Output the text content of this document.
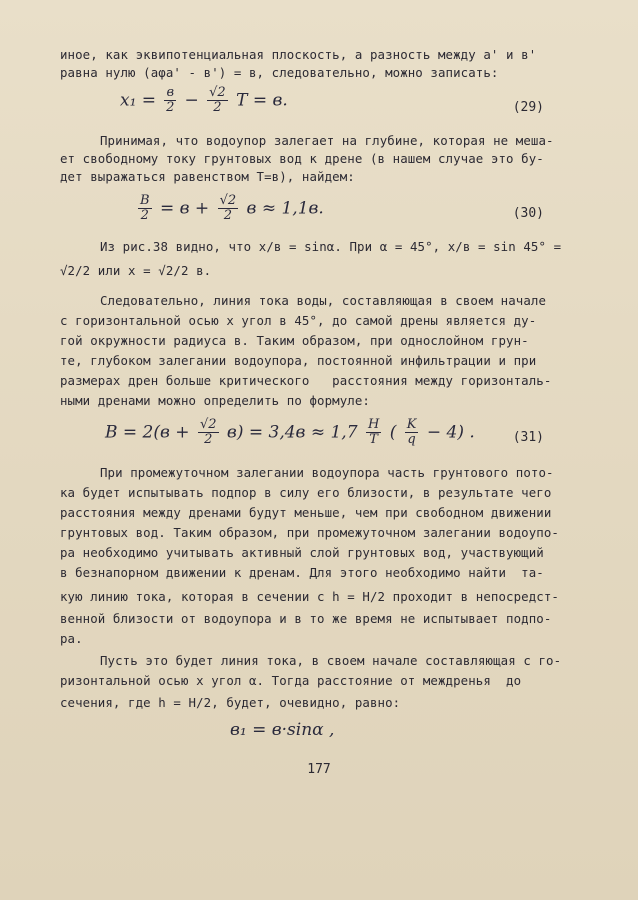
иное, как эквипотенциальная плоскость, а разность между а' и в'
равна нулю (aφа' - в') = в, следовательно, можно записать:
$x_1 = \frac{в}{2} - \frac{√2}{2}$ T = в.	(29)
Принимая, что водоупор залегает на глубине, которая не меша-
ет свободному току грунтовых вод к дрене (в нашем случае это бу-
дет выражаться равенством T=в), найдем:
$\frac{В}{2} = в + \frac{√2}{2}$ в ≈ 1,1в.	(30)
Из рис.38 видно, что x/в = sinα. При α = 45°, x/в = sin 45° =
√2/2 или x = √2/2 в.
Следовательно, линия тока воды, составляющая в своем начале
с горизонтальной осью x угол в 45°, до самой дрены является ду-
гой окружности радиуса в. Таким образом, при однослойном грун-
те, глубоком залегании водоупора, постоянной инфильтрации и при
размерах дрен больше критического   расстояния между горизонталь-
ными дренами можно определить по формуле:
$В = 2(в + \frac{√2}{2} в) = 3,4в \approx 1,7 \frac{H}{T}$ ( $\frac{K}{q} - 4$) .	(31)
При промежуточном залегании водоупора часть грунтового пото-
ка будет испытывать подпор в силу его близости, в результате чего
расстояния между дренами будут меньше, чем при свободном движении
грунтовых вод. Таким образом, при промежуточном залегании водоупо-
ра необходимо учитывать активный слой грунтовых вод, участвующий
в безнапорном движении к дренам. Для этого необходимо найти  та-
кую линию тока, которая в сечении с h = H/2 проходит в непосредст-
венной близости от водоупора и в то же время не испытывает подпо-
ра.
Пусть это будет линия тока, в своем начале составляющая с го-
ризонтальной осью x угол α. Тогда расстояние от междренья  до
сечения, где h = H/2, будет, очевидно, равно:
в₁ = в·sinα ,
177
